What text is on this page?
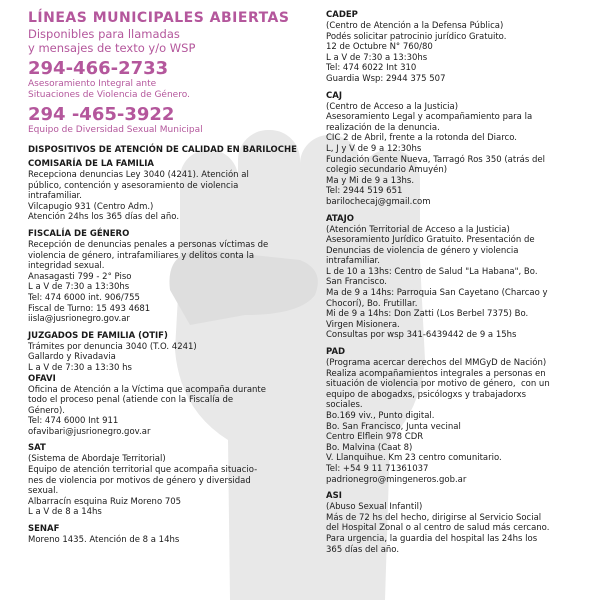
LÍNEAS MUNICIPALES ABIERTAS
Disponibles para llamadas
y mensajes de texto y/o WSP
294-466-2733
Asesoramiento Integral ante
Situaciones de Violencia de Género.
294 -465-3922
Equipo de Diversidad Sexual Municipal
DISPOSITIVOS DE ATENCIÓN DE CALIDAD EN BARILOCHE
COMISARÍA DE LA FAMILIA
Recepciona denuncias Ley 3040 (4241). Atención al
público, contención y asesoramiento de violencia
intrafamiliar.
Vilcapugio 931 (Centro Adm.)
Atención 24hs los 365 días del año.
FISCALÍA DE GÉNERO
Recepción de denuncias penales a personas víctimas de
violencia de género, intrafamiliares y delitos conta la
integridad sexual.
Anasagasti 799 - 2° Piso
L a V de 7:30 a 13:30hs
Tel: 474 6000 int. 906/755
Fiscal de Turno: 15 493 4681
iisla@jusrionegro.gov.ar
JUZGADOS DE FAMILIA (OTIF)
Trámites por denuncia 3040 (T.O. 4241)
Gallardo y Rivadavia
L a V de 7:30 a 13:30 hs
OFAVI
Oficina de Atención a la Víctima que acompaña durante
todo el proceso penal (atiende con la Fiscalía de
Género).
Tel: 474 6000 Int 911
ofavibari@jusrionegro.gov.ar
SAT
(Sistema de Abordaje Territorial)
Equipo de atención territorial que acompaña situacio-
nes de violencia por motivos de género y diversidad
sexual.
Albarracín esquina Ruiz Moreno 705
L a V de 8 a 14hs
SENAF
Moreno 1435. Atención de 8 a 14hs
CADEP
(Centro de Atención a la Defensa Pública)
Podés solicitar patrocinio jurídico Gratuito.
12 de Octubre N° 760/80
L a V de 7:30 a 13:30hs
Tel: 474 6022 Int 310
Guardia Wsp: 2944 375 507
CAJ
(Centro de Acceso a la Justicia)
Asesoramiento Legal y acompañamiento para la
realización de la denuncia.
CIC 2 de Abril, frente a la rotonda del Diarco.
L, J y V de 9 a 12:30hs
Fundación Gente Nueva, Tarragó Ros 350 (atrás del
colegio secundario Amuyén)
Ma y Mi de 9 a 13hs.
Tel: 2944 519 651
barilochecaj@gmail.com
ATAJO
(Atención Territorial de Acceso a la Justicia)
Asesoramiento Jurídico Gratuito. Presentación de
Denuncias de violencia de género y violencia
intrafamiliar.
L de 10 a 13hs: Centro de Salud "La Habana", Bo.
San Francisco.
Ma de 9 a 14hs: Parroquia San Cayetano (Charcao y
Chocorí), Bo. Frutillar.
Mi de 9 a 14hs: Don Zatti (Los Berbel 7375) Bo.
Virgen Misionera.
Consultas por wsp 341-6439442 de 9 a 15hs
PAD
(Programa acercar derechos del MMGyD de Nación)
Realiza acompañamientos integrales a personas en
situación de violencia por motivo de género,  con un
equipo de abogadxs, psicólogxs y trabajadorxs
sociales.
Bo.169 viv., Punto digital.
Bo. San Francisco, Junta vecinal
Centro Elflein 978 CDR
Bo. Malvina (Caat 8)
V. Llanquihue. Km 23 centro comunitario.
Tel: +54 9 11 71361037
padrionegro@mingeneros.gob.ar
ASI
(Abuso Sexual Infantil)
Más de 72 hs del hecho, dirigirse al Servicio Social
del Hospital Zonal o al centro de salud más cercano.
Para urgencia, la guardia del hospital las 24hs los
365 días del año.
